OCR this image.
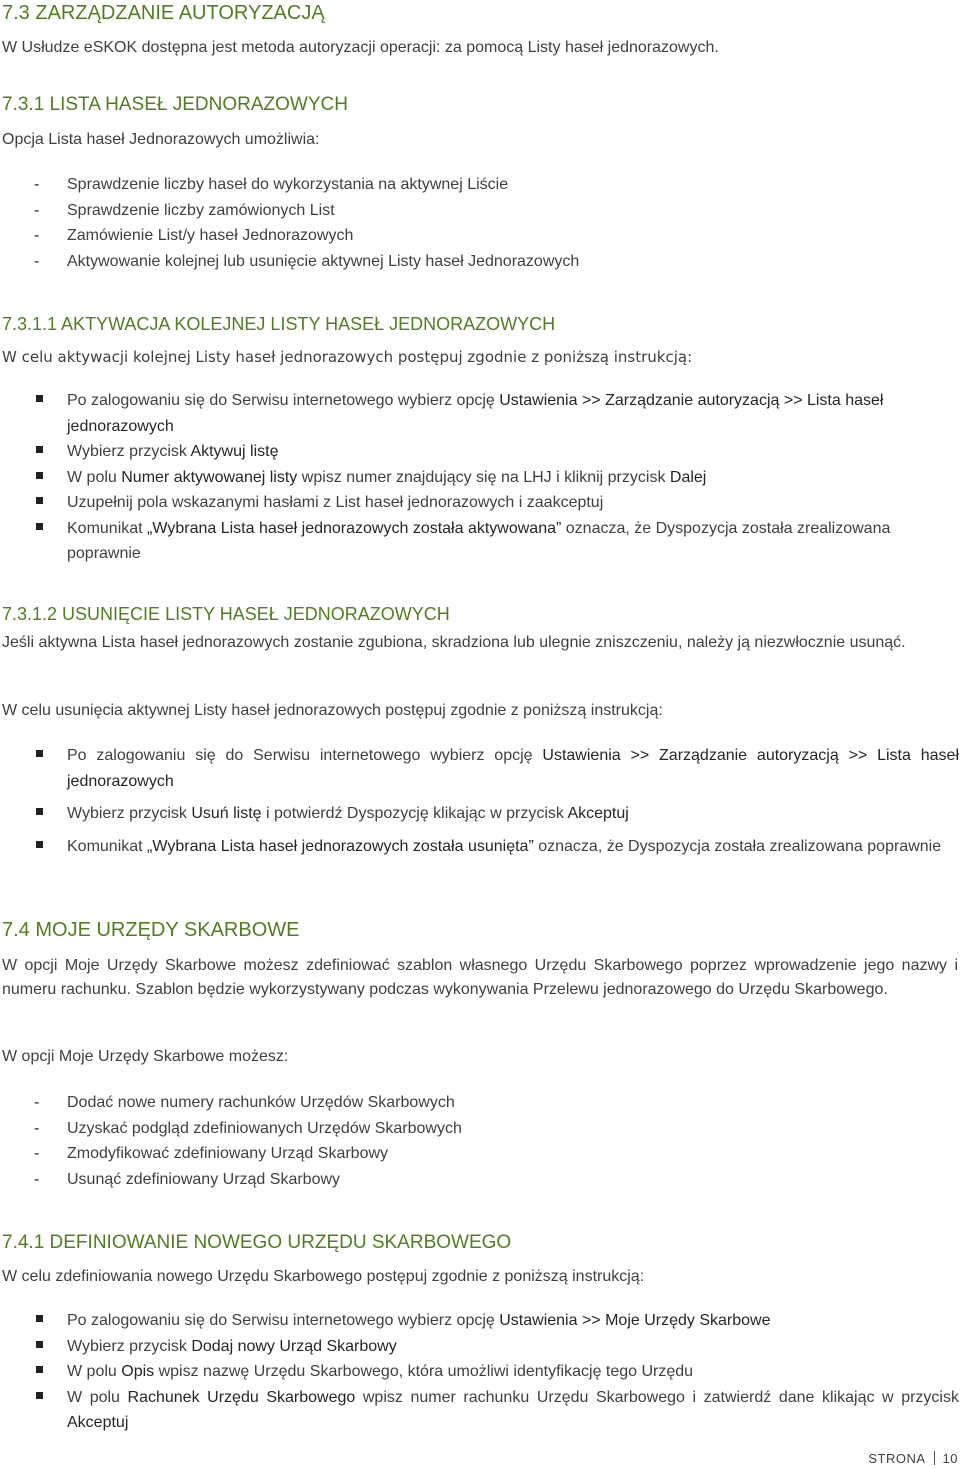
7.3 ZARZĄDZANIE AUTORYZACJĄ
W Usłudze eSKOK dostępna jest metoda autoryzacji operacji: za pomocą Listy haseł jednorazowych.
7.3.1 LISTA HASEŁ JEDNORAZOWYCH
Opcja Lista haseł Jednorazowych umożliwia:
- Sprawdzenie liczby haseł do wykorzystania na aktywnej Liście
- Sprawdzenie liczby zamówionych List
- Zamówienie List/y haseł Jednorazowych
- Aktywowanie kolejnej lub usunięcie aktywnej Listy haseł Jednorazowych
7.3.1.1 AKTYWACJA KOLEJNEJ LISTY HASEŁ JEDNORAZOWYCH
W celu aktywacji kolejnej Listy haseł jednorazowych postępuj zgodnie z poniższą instrukcją:
Po zalogowaniu się do Serwisu internetowego wybierz opcję Ustawienia >> Zarządzanie autoryzacją >> Lista haseł jednorazowych
Wybierz przycisk Aktywuj listę
W polu Numer aktywowanej listy wpisz numer znajdujący się na LHJ i kliknij przycisk Dalej
Uzupełnij pola wskazanymi hasłami z List haseł jednorazowych i zaakceptuj
Komunikat „Wybrana Lista haseł jednorazowych została aktywowana” oznacza, że Dyspozycja została zrealizowana poprawnie
7.3.1.2 USUNIĘCIE LISTY HASEŁ JEDNORAZOWYCH
Jeśli aktywna Lista haseł jednorazowych zostanie zgubiona, skradziona lub ulegnie zniszczeniu, należy ją niezwłocznie usunąć.
W celu usunięcia aktywnej Listy haseł jednorazowych postępuj zgodnie z poniższą instrukcją:
Po zalogowaniu się do Serwisu internetowego wybierz opcję Ustawienia >> Zarządzanie autoryzacją >> Lista haseł jednorazowych
Wybierz przycisk Usuń listę i potwierdź Dyspozycję klikając w przycisk Akceptuj
Komunikat „Wybrana Lista haseł jednorazowych została usunięta” oznacza, że Dyspozycja została zrealizowana poprawnie
7.4 MOJE URZĘDY SKARBOWE
W opcji Moje Urzędy Skarbowe możesz zdefiniować szablon własnego Urzędu Skarbowego poprzez wprowadzenie jego nazwy i numeru rachunku. Szablon będzie wykorzystywany podczas wykonywania Przelewu jednorazowego do Urzędu Skarbowego.
W opcji Moje Urzędy Skarbowe możesz:
- Dodać nowe numery rachunków Urzędów Skarbowych
- Uzyskać podgląd zdefiniowanych Urzędów Skarbowych
- Zmodyfikować zdefiniowany Urząd Skarbowy
- Usunąć zdefiniowany Urząd Skarbowy
7.4.1 DEFINIOWANIE NOWEGO URZĘDU SKARBOWEGO
W celu zdefiniowania nowego Urzędu Skarbowego postępuj zgodnie z poniższą instrukcją:
Po zalogowaniu się do Serwisu internetowego wybierz opcję Ustawienia >> Moje Urzędy Skarbowe
Wybierz przycisk Dodaj nowy Urząd Skarbowy
W polu Opis wpisz nazwę Urzędu Skarbowego, która umożliwi identyfikację tego Urzędu
W polu Rachunek Urzędu Skarbowego wpisz numer rachunku Urzędu Skarbowego i zatwierdź dane klikając w przycisk Akceptuj
STRONA 10
